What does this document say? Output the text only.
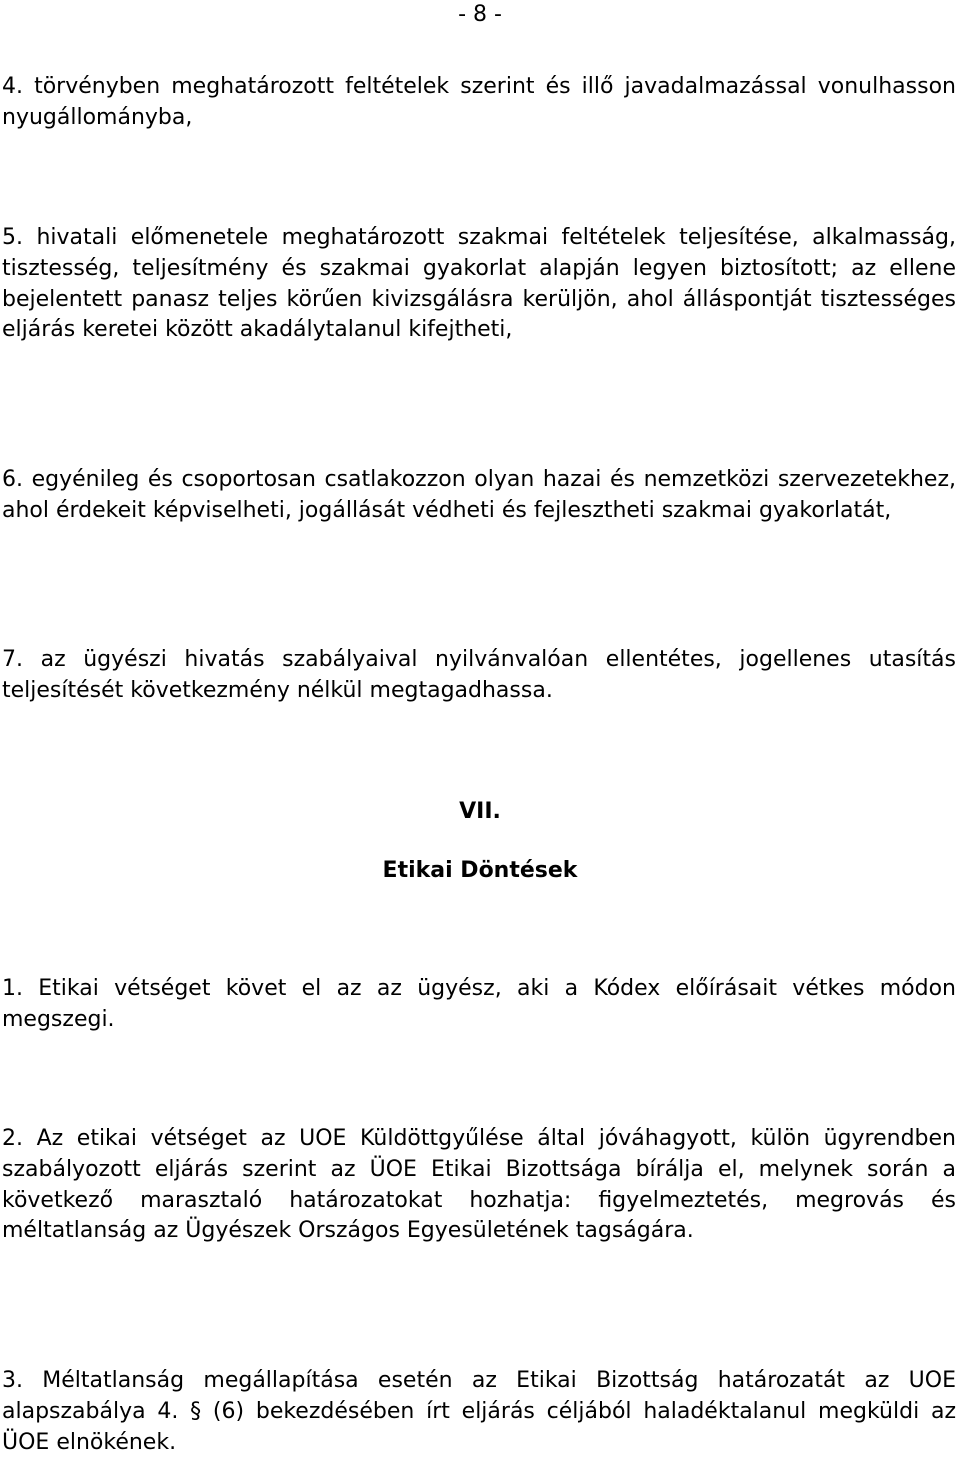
- 8 -

4. törvényben meghatározott feltételek szerint és illő javadalmazással vonulhasson nyugállományba,

5. hivatali előmenetele meghatározott szakmai feltételek teljesítése, alkalmasság, tisztesség, teljesítmény és szakmai gyakorlat alapján legyen biztosított; az ellene bejelentett panasz teljes körűen kivizsgálásra kerüljön, ahol álláspontját tisztességes eljárás keretei között akadálytalanul kifejtheti,

6. egyénileg és csoportosan csatlakozzon olyan hazai és nemzetközi szervezetekhez, ahol érdekeit képviselheti, jogállását védheti és fejlesztheti szakmai gyakorlatát,

7. az ügyészi hivatás szabályaival nyilvánvalóan ellentétes, jogellenes utasítás teljesítését következmény nélkül megtagadhassa.

VII.
Etikai Döntések

1. Etikai vétséget követ el az az ügyész, aki a Kódex előírásait vétkes módon megszegi.

2. Az etikai vétséget az UOE Küldöttgyűlése által jóváhagyott, külön ügyrendben szabályozott eljárás szerint az ÜOE Etikai Bizottsága bírálja el, melynek során a következő marasztaló határozatokat hozhatja: figyelmeztetés, megrovás és méltatlanság az Ügyészek Országos Egyesületének tagságára.

3. Méltatlanság megállapítása esetén az Etikai Bizottság határozatát az UOE alapszabálya 4. § (6) bekezdésében írt eljárás céljából haladéktalanul megküldi az ÜOE elnökének.
